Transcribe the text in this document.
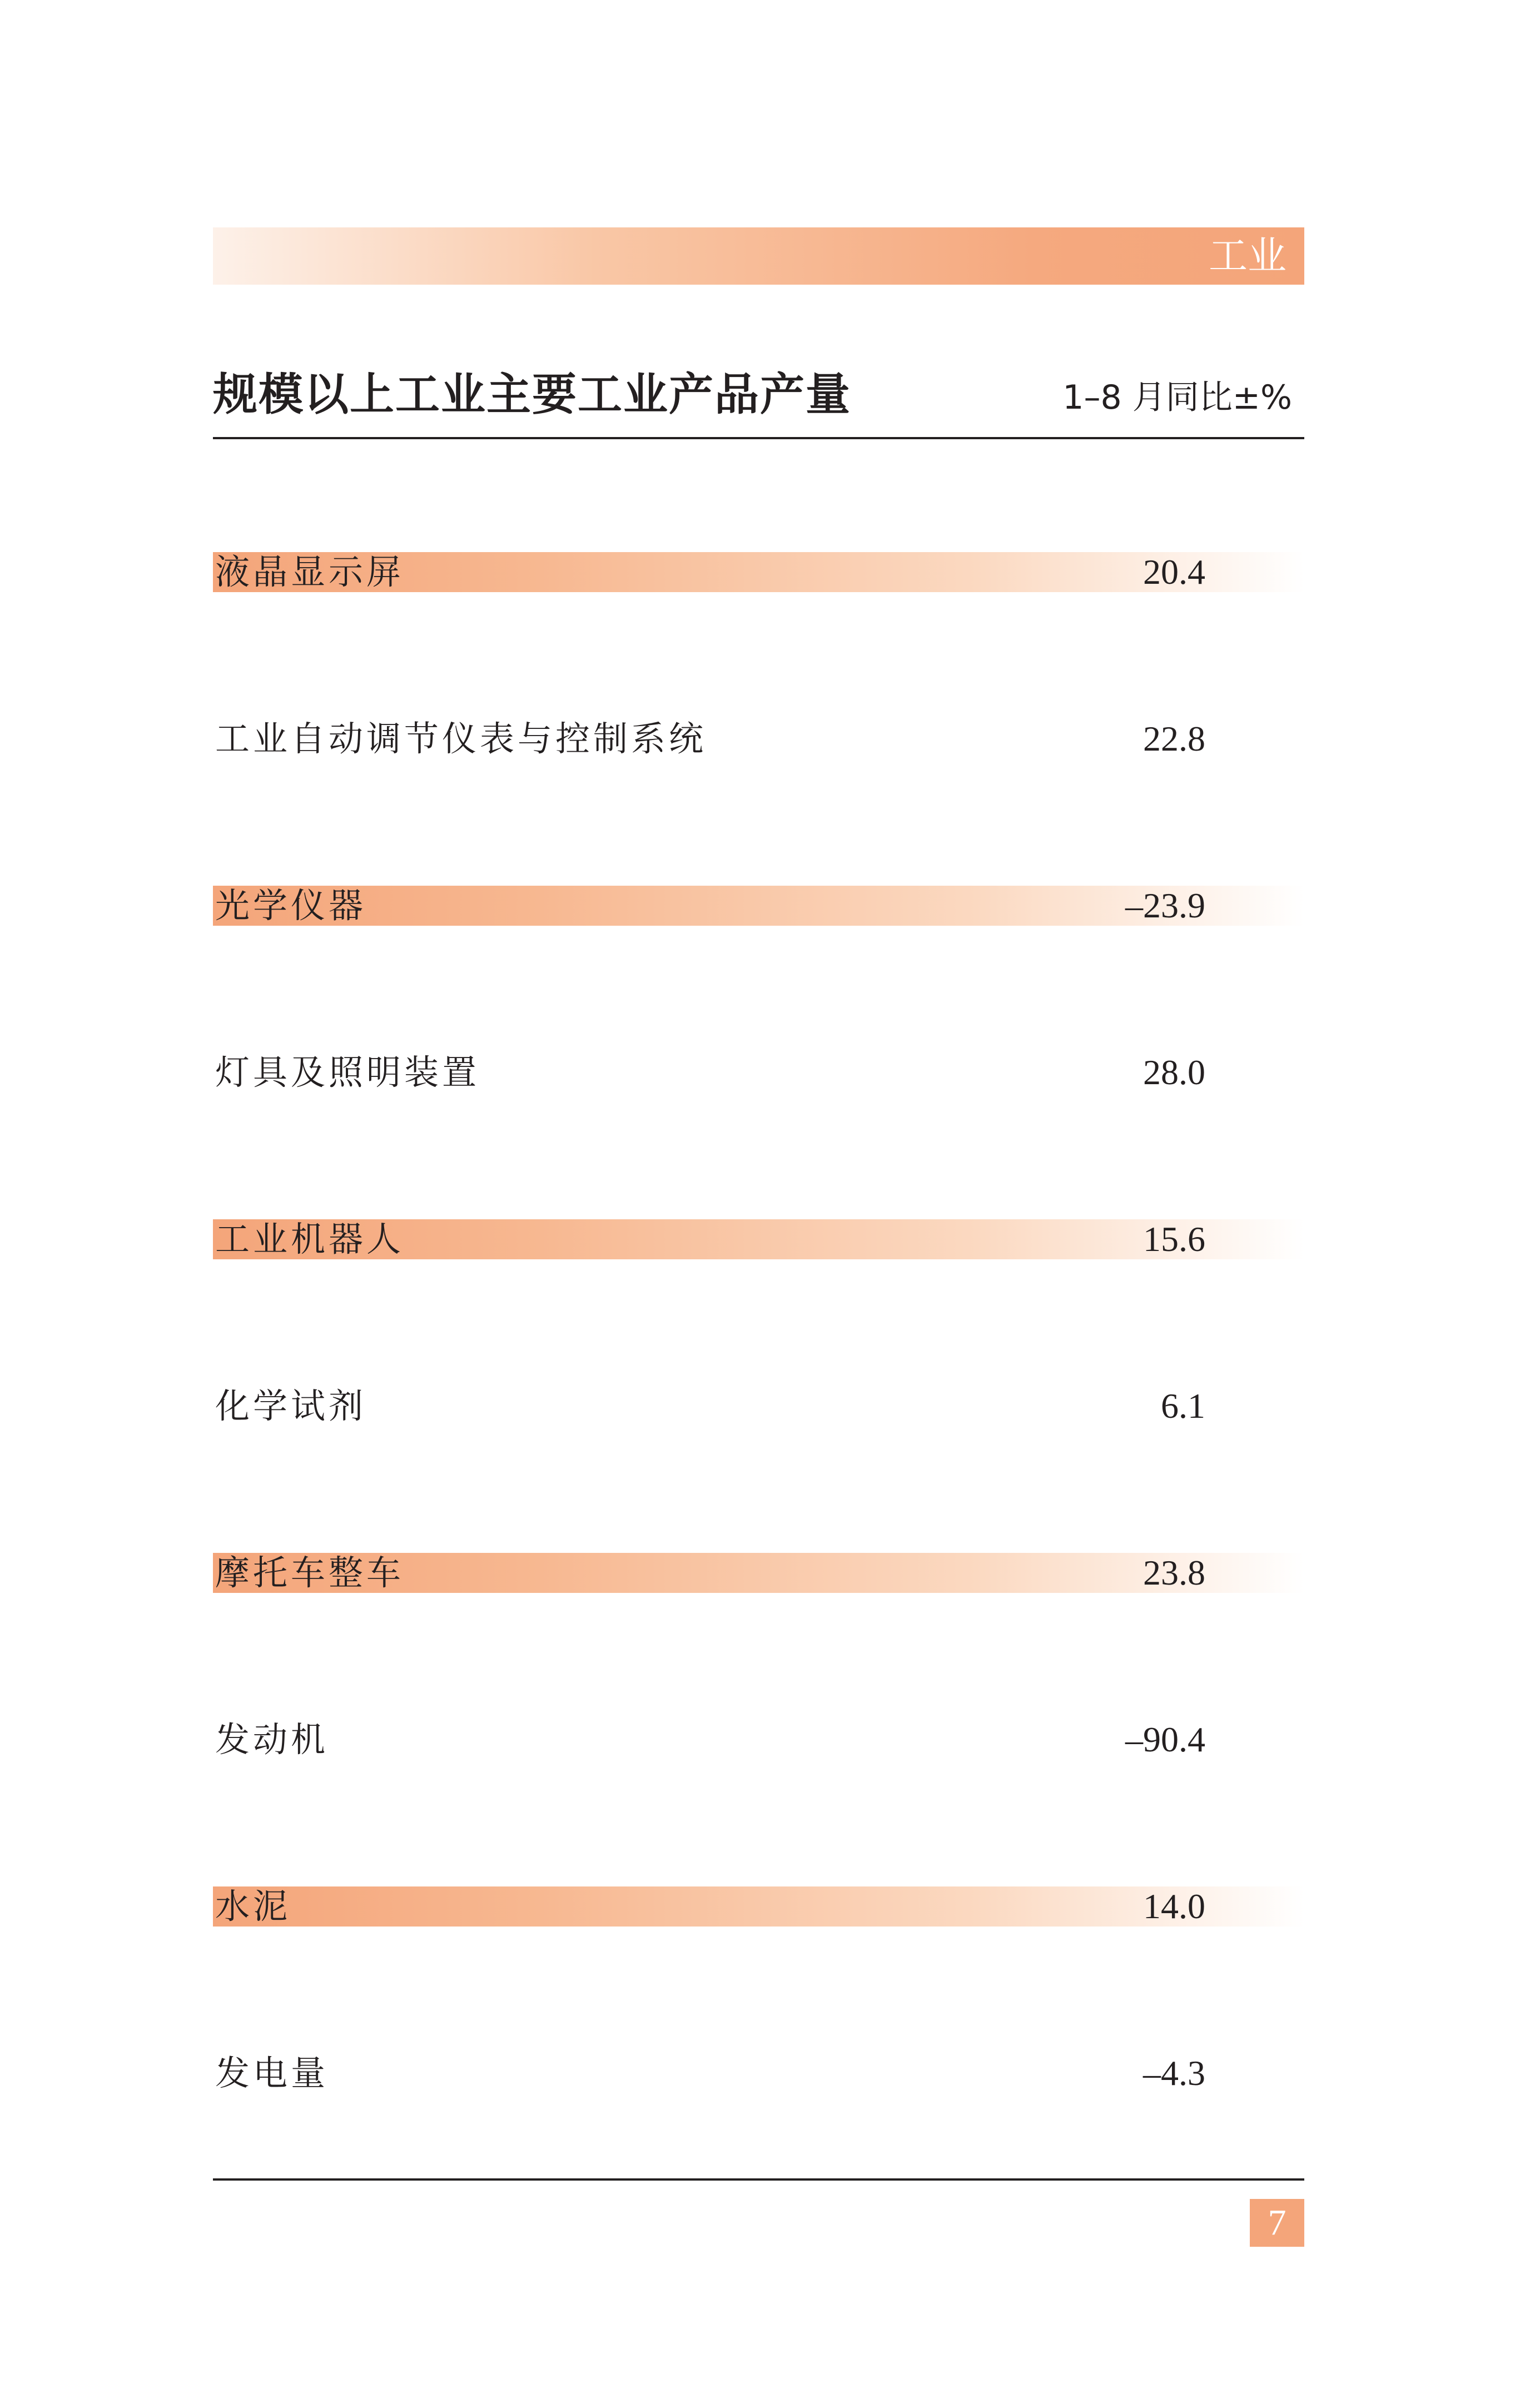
工业
规模以上工业主要工业产品产量	1–8 月同比±%
液晶显示屏	20.4
工业自动调节仪表与控制系统	22.8
光学仪器	–23.9
灯具及照明装置	28.0
工业机器人	15.6
化学试剂	6.1
摩托车整车	23.8
发动机	–90.4
水泥	14.0
发电量	–4.3
7
